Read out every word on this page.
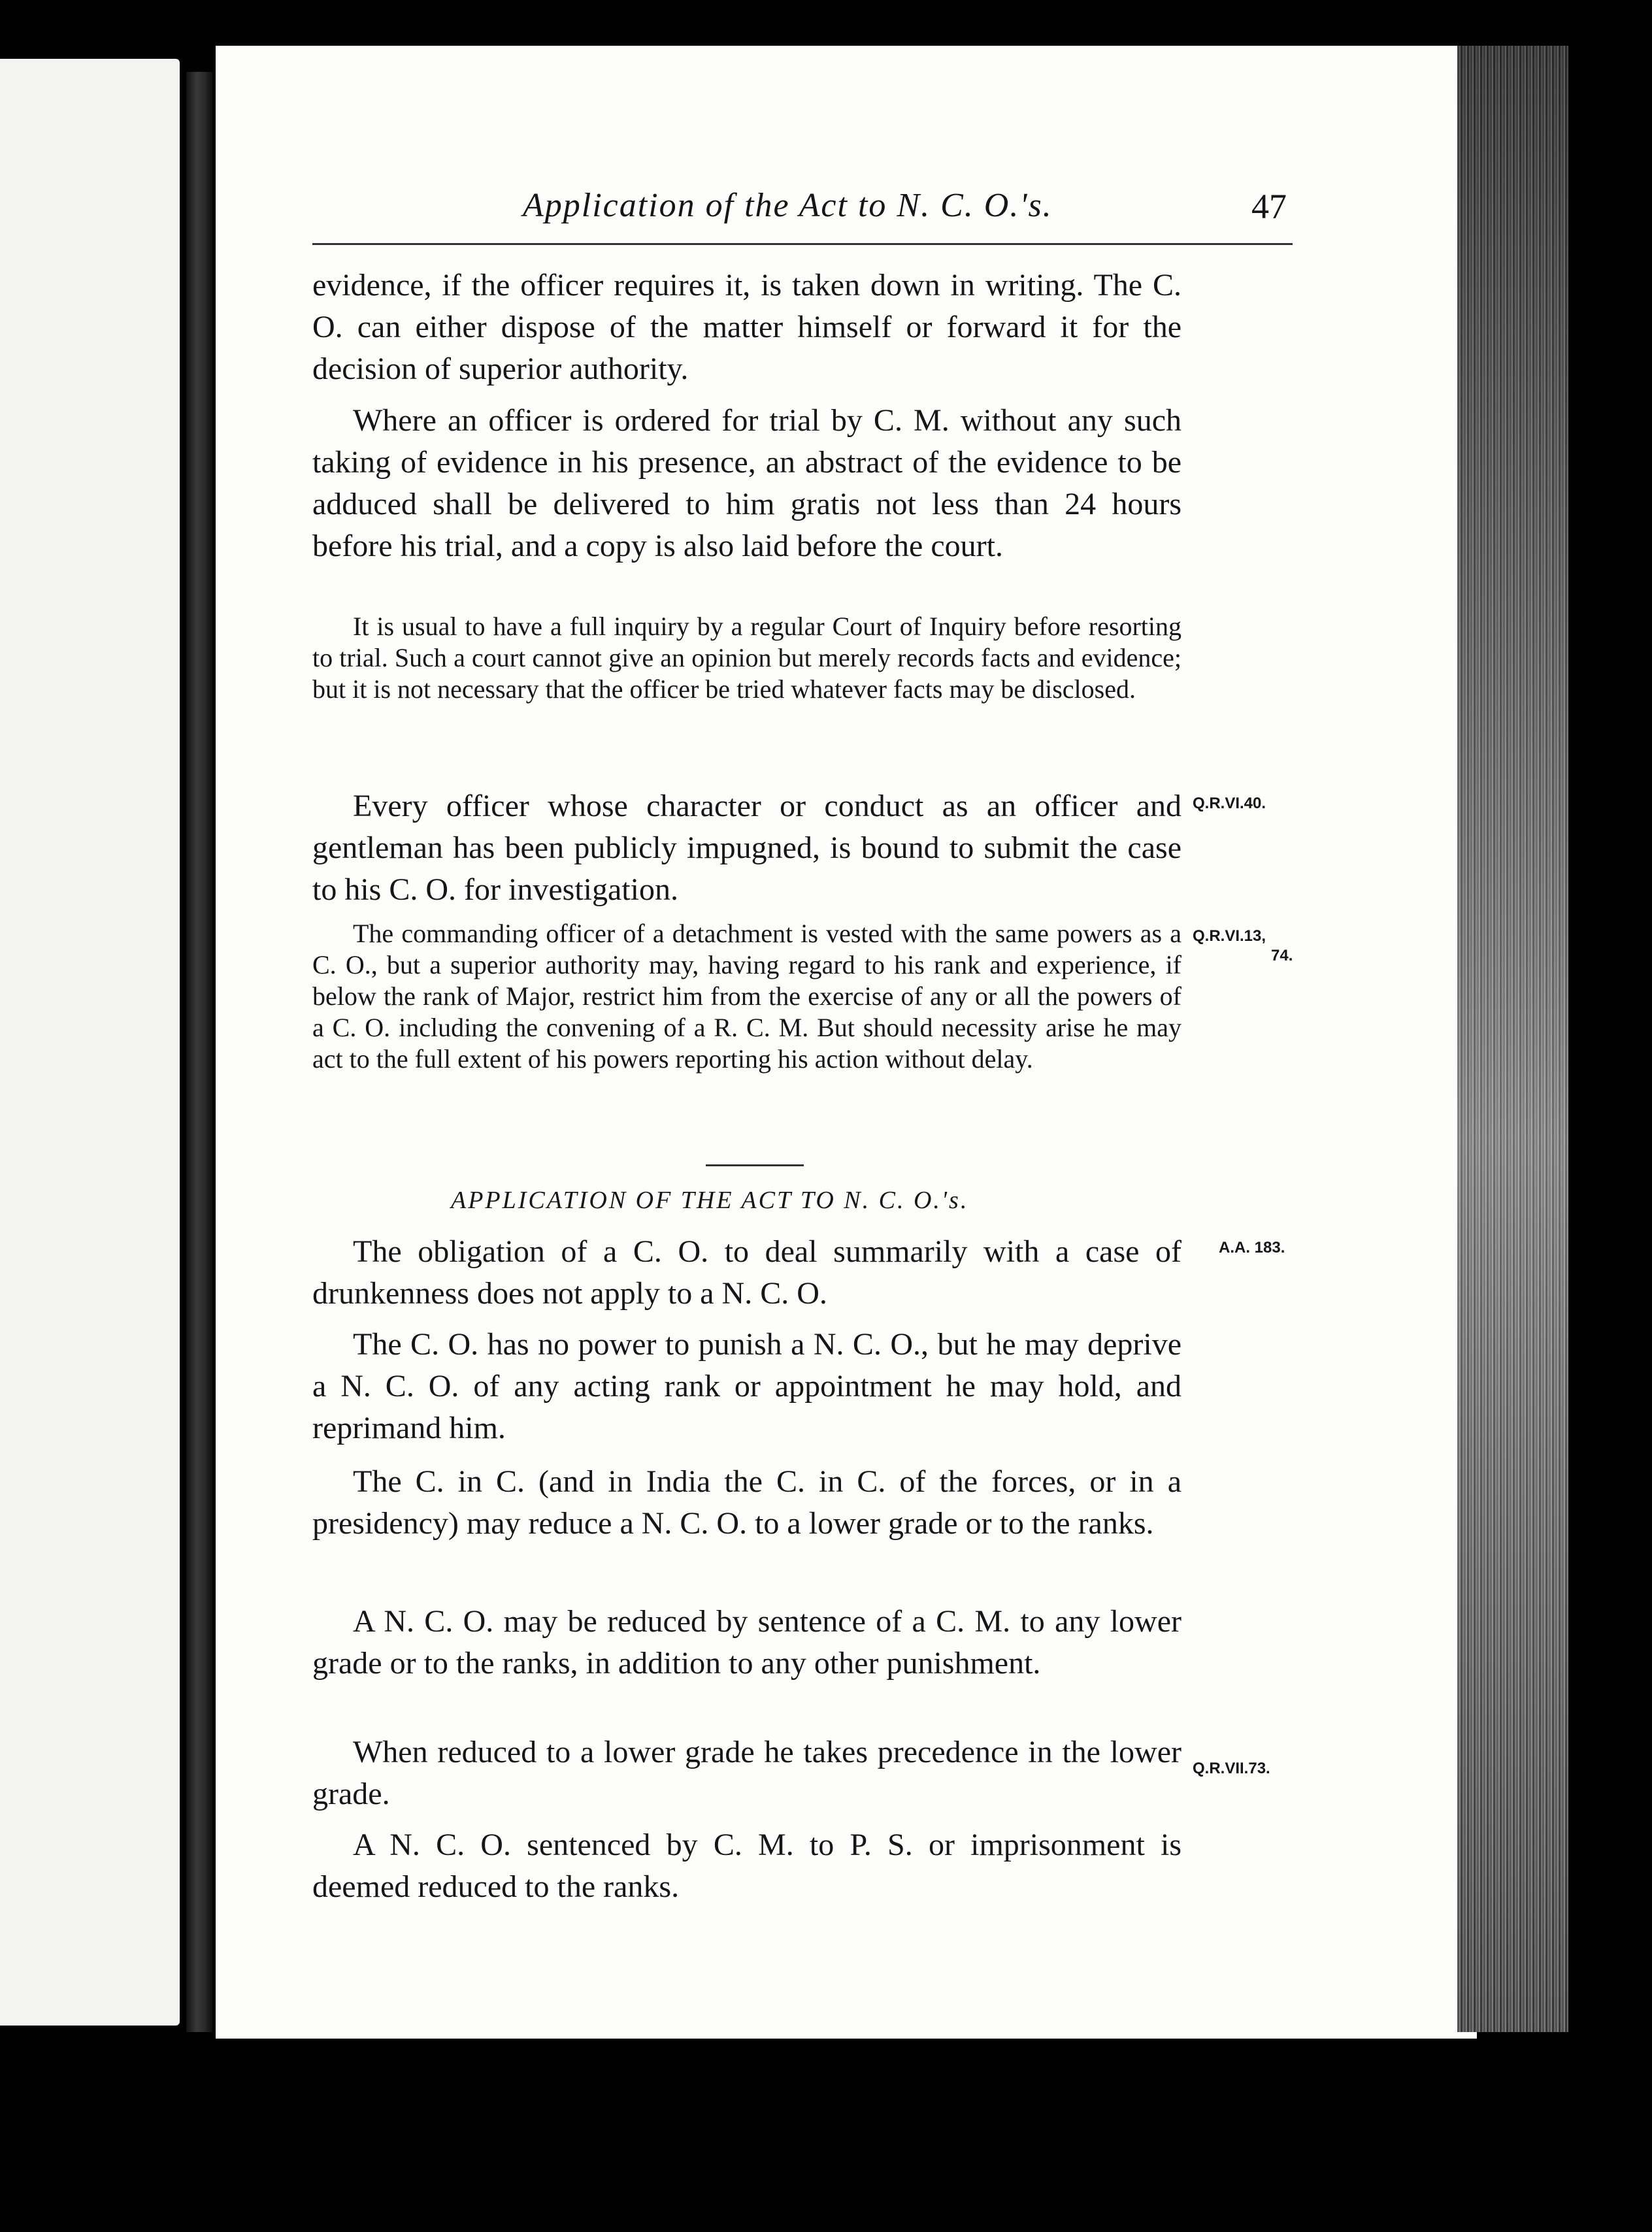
Application of the Act to N. C. O.'s.	47

evidence, if the officer requires it, is taken down in writing. The C. O. can either dispose of the matter himself or forward it for the decision of superior authority.

Where an officer is ordered for trial by C. M. without any such taking of evidence in his presence, an abstract of the evidence to be adduced shall be delivered to him gratis not less than 24 hours before his trial, and a copy is also laid before the court.

It is usual to have a full inquiry by a regular Court of Inquiry before resorting to trial. Such a court cannot give an opinion but merely records facts and evidence; but it is not necessary that the officer be tried whatever facts may be disclosed.

Every officer whose character or conduct as an officer and gentleman has been publicly impugned, is bound to submit the case to his C. O. for investigation.

Q.R.VI.40.

The commanding officer of a detachment is vested with the same powers as a C. O., but a superior authority may, having regard to his rank and experience, if below the rank of Major, restrict him from the exercise of any or all the powers of a C. O. including the convening of a R. C. M. But should necessity arise he may act to the full extent of his powers reporting his action without delay.

Q.R.VI.13,
74.
APPLICATION OF THE ACT TO N. C. O.'s.

The obligation of a C. O. to deal summarily with a case of drunkenness does not apply to a N. C. O.

A.A. 183.

The C. O. has no power to punish a N. C. O., but he may deprive a N. C. O. of any acting rank or appointment he may hold, and reprimand him.

The C. in C. (and in India the C. in C. of the forces, or in a presidency) may reduce a N. C. O. to a lower grade or to the ranks.

A N. C. O. may be reduced by sentence of a C. M. to any lower grade or to the ranks, in addition to any other punishment.

When reduced to a lower grade he takes precedence in the lower grade.

Q.R.VII.73.

A N. C. O. sentenced by C. M. to P. S. or imprisonment is deemed reduced to the ranks.
